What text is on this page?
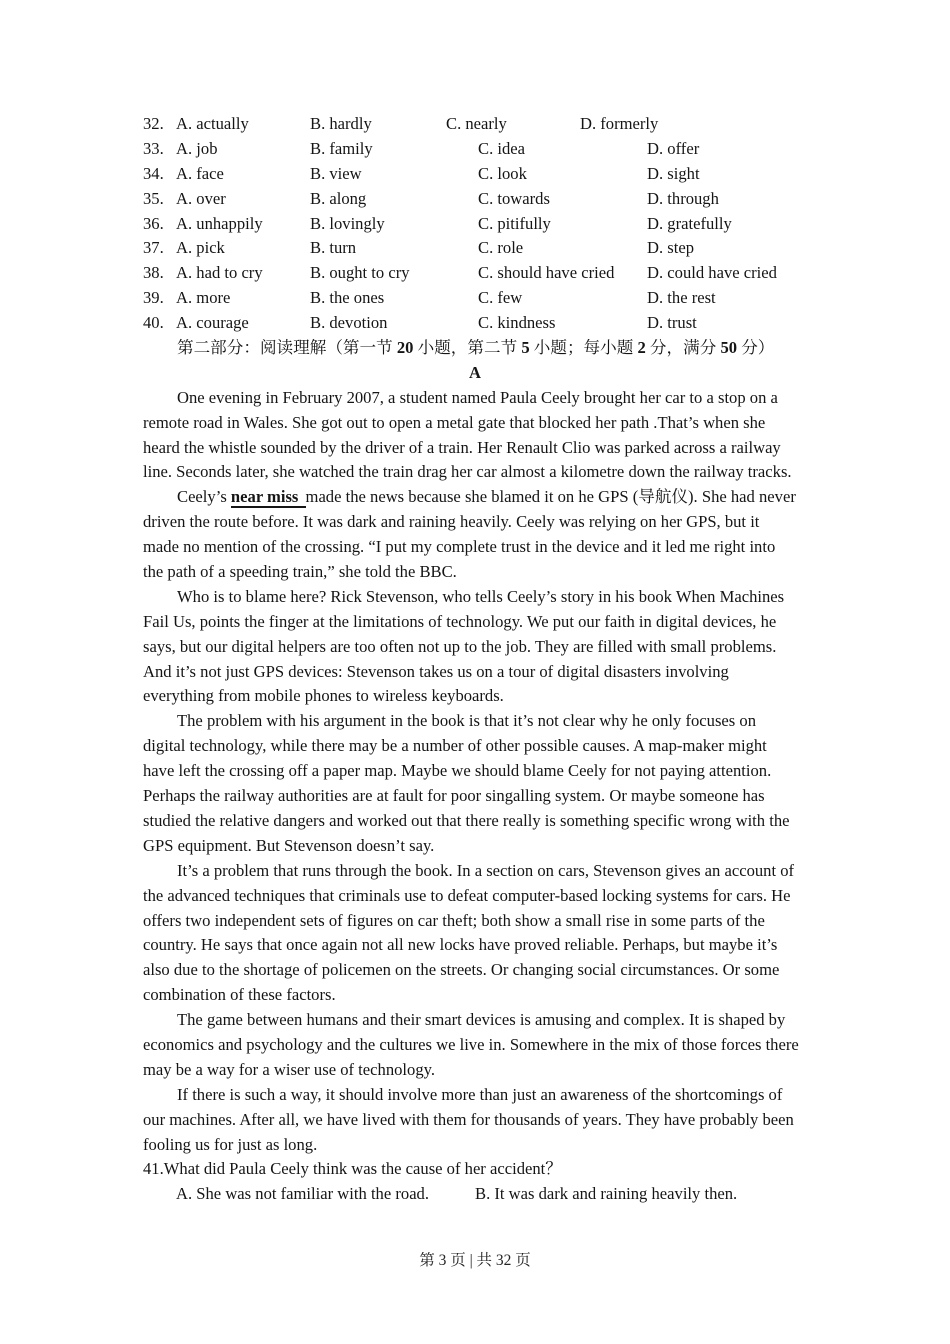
32. A. actually	B. hardly	C. nearly	D. formerly
33. A. job	B. family	C. idea	D. offer
34. A. face	B. view	C. look	D. sight
35. A. over	B. along	C. towards	D. through
36. A. unhappily	B. lovingly	C. pitifully	D. gratefully
37. A. pick	B. turn	C. role	D. step
38. A. had to cry	B. ought to cry	C. should have cried D. could have cried
39. A. more	B. the ones	C. few	D. the rest
40. A. courage	B. devotion	C. kindness	D. trust
第二部分：阅读理解（第一节 20 小题，第二节 5 小题；每小题 2 分，满分 50 分）
A
One evening in February 2007, a student named Paula Ceely brought her car to a stop on a
remote road in Wales. She got out to open a metal gate that blocked her path .That’s when she
heard the whistle sounded by the driver of a train. Her Renault Clio was parked across a railway
line. Seconds later, she watched the train drag her car almost a kilometre down the railway tracks.
Ceely’s near miss made the news because she blamed it on he GPS (导航仪). She had never
driven the route before. It was dark and raining heavily. Ceely was relying on her GPS, but it
made no mention of the crossing. “I put my complete trust in the device and it led me right into
the path of a speeding train,” she told the BBC.
Who is to blame here? Rick Stevenson, who tells Ceely’s story in his book When Machines
Fail Us, points the finger at the limitations of technology. We put our faith in digital devices, he
says, but our digital helpers are too often not up to the job. They are filled with small problems.
And it’s not just GPS devices: Stevenson takes us on a tour of digital disasters involving
everything from mobile phones to wireless keyboards.
The problem with his argument in the book is that it’s not clear why he only focuses on
digital technology, while there may be a number of other possible causes. A map-maker might
have left the crossing off a paper map. Maybe we should blame Ceely for not paying attention.
Perhaps the railway authorities are at fault for poor singalling system. Or maybe someone has
studied the relative dangers and worked out that there really is something specific wrong with the
GPS equipment. But Stevenson doesn’t say.
It’s a problem that runs through the book. In a section on cars, Stevenson gives an account of
the advanced techniques that criminals use to defeat computer-based locking systems for cars. He
offers two independent sets of figures on car theft; both show a small rise in some parts of the
country. He says that once again not all new locks have proved reliable. Perhaps, but maybe it’s
also due to the shortage of policemen on the streets. Or changing social circumstances. Or some
combination of these factors.
The game between humans and their smart devices is amusing and complex. It is shaped by
economics and psychology and the cultures we live in. Somewhere in the mix of those forces there
may be a way for a wiser use of technology.
If there is such a way, it should involve more than just an awareness of the shortcomings of
our machines. After all, we have lived with them for thousands of years. They have probably been
fooling us for just as long.
41.What did Paula Ceely think was the cause of her accident？
A. She was not familiar with the road.	B. It was dark and raining heavily then.
第 3 页 | 共 32 页
